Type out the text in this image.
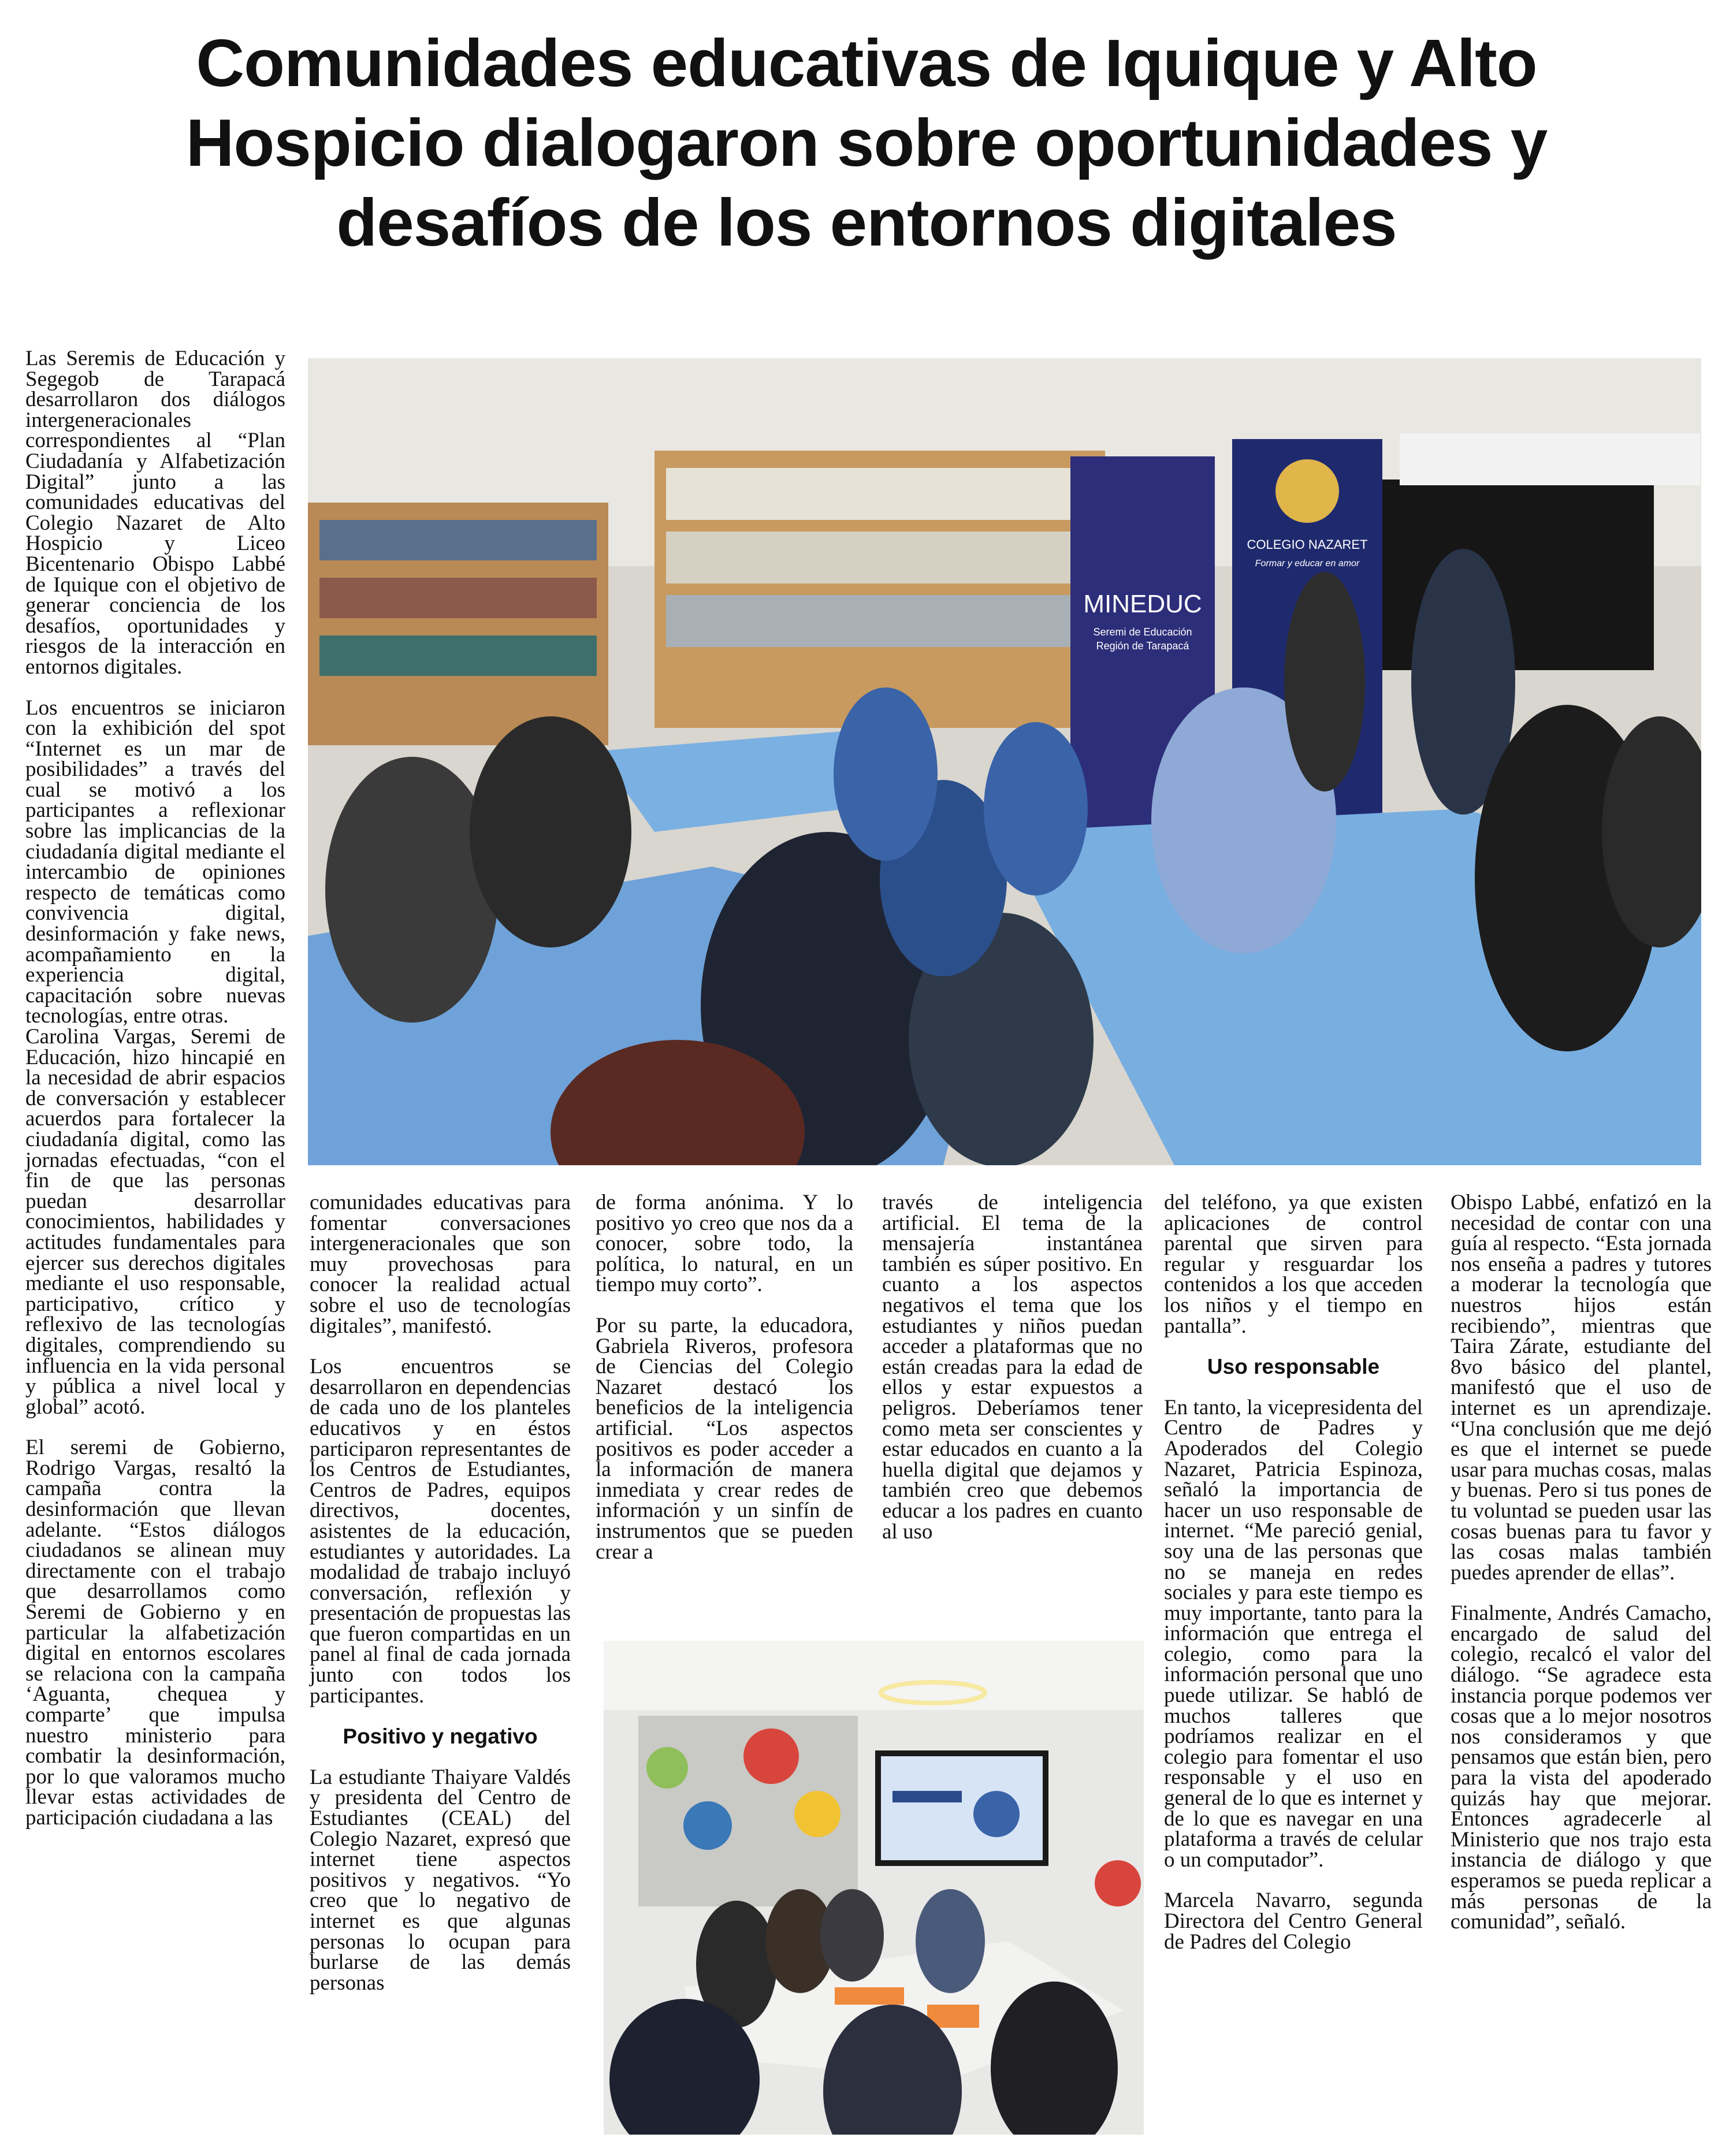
Comunidades educativas de Iquique y Alto Hospicio dialogaron sobre oportunidades y desafíos de los entornos digitales

Las Seremis de Educación y Segegob de Tarapacá desarrollaron dos diálogos intergeneracionales correspondientes al “Plan Ciudadanía y Alfabetización Digital” junto a las comunidades educativas del Colegio Nazaret de Alto Hospicio y Liceo Bicentenario Obispo Labbé de Iquique con el objetivo de generar conciencia de los desafíos, oportunidades y riesgos de la interacción en entornos digitales.

Los encuentros se iniciaron con la exhibición del spot “Internet es un mar de posibilidades” a través del cual se motivó a los participantes a reflexionar sobre las implicancias de la ciudadanía digital mediante el intercambio de opiniones respecto de temáticas como convivencia digital, desinformación y fake news, acompañamiento en la experiencia digital, capacitación sobre nuevas tecnologías, entre otras.

Carolina Vargas, Seremi de Educación, hizo hincapié en la necesidad de abrir espacios de conversación y establecer acuerdos para fortalecer la ciudadanía digital, como las jornadas efectuadas, “con el fin de que las personas puedan desarrollar conocimientos, habilidades y actitudes fundamentales para ejercer sus derechos digitales mediante el uso responsable, participativo, crítico y reflexivo de las tecnologías digitales, comprendiendo su influencia en la vida personal y pública a nivel local y global” acotó.

El seremi de Gobierno, Rodrigo Vargas, resaltó la campaña contra la desinformación que llevan adelante. “Estos diálogos ciudadanos se alinean muy directamente con el trabajo que desarrollamos como Seremi de Gobierno y en particular la alfabetización digital en entornos escolares se relaciona con la campaña ‘Aguanta, chequea y comparte’ que impulsa nuestro ministerio para combatir la desinformación, por lo que valoramos mucho llevar estas actividades de participación ciudadana a las

MINEDUC
Seremi de Educación
Región de Tarapacá
COLEGIO NAZARET
Formar y educar en amor

comunidades educativas para fomentar conversaciones intergeneracionales que son muy provechosas para conocer la realidad actual sobre el uso de tecnologías digitales”, manifestó.

Los encuentros se desarrollaron en dependencias de cada uno de los planteles educativos y en éstos participaron representantes de los Centros de Estudiantes, Centros de Padres, equipos directivos, docentes, asistentes de la educación, estudiantes y autoridades. La modalidad de trabajo incluyó conversación, reflexión y presentación de propuestas las que fueron compartidas en un panel al final de cada jornada junto con todos los participantes.

Positivo y negativo

La estudiante Thaiyare Valdés y presidenta del Centro de Estudiantes (CEAL) del Colegio Nazaret, expresó que internet tiene aspectos positivos y negativos. “Yo creo que lo negativo de internet es que algunas personas lo ocupan para burlarse de las demás personas

de forma anónima. Y lo positivo yo creo que nos da a conocer, sobre todo, la política, lo natural, en un tiempo muy corto”.

Por su parte, la educadora, Gabriela Riveros, profesora de Ciencias del Colegio Nazaret destacó los beneficios de la inteligencia artificial. “Los aspectos positivos es poder acceder a la información de manera inmediata y crear redes de información y un sinfín de instrumentos que se pueden crear a

través de inteligencia artificial. El tema de la mensajería instantánea también es súper positivo. En cuanto a los aspectos negativos el tema que los estudiantes y niños puedan acceder a plataformas que no están creadas para la edad de ellos y estar expuestos a peligros. Deberíamos tener como meta ser conscientes y estar educados en cuanto a la huella digital que dejamos y también creo que debemos educar a los padres en cuanto al uso

del teléfono, ya que existen aplicaciones de control parental que sirven para regular y resguardar los contenidos a los que acceden los niños y el tiempo en pantalla”.

Uso responsable

En tanto, la vicepresidenta del Centro de Padres y Apoderados del Colegio Nazaret, Patricia Espinoza, señaló la importancia de hacer un uso responsable de internet. “Me pareció genial, soy una de las personas que no se maneja en redes sociales y para este tiempo es muy importante, tanto para la información que entrega el colegio, como para la información personal que uno puede utilizar. Se habló de muchos talleres que podríamos realizar en el colegio para fomentar el uso responsable y el uso en general de lo que es internet y de lo que es navegar en una plataforma a través de celular o un computador”.

Marcela Navarro, segunda Directora del Centro General de Padres del Colegio

Obispo Labbé, enfatizó en la necesidad de contar con una guía al respecto. “Esta jornada nos enseña a padres y tutores a moderar la tecnología que nuestros hijos están recibiendo”, mientras que Taira Zárate, estudiante del 8vo básico del plantel, manifestó que el uso de internet es un aprendizaje. “Una conclusión que me dejó es que el internet se puede usar para muchas cosas, malas y buenas. Pero si tus pones de tu voluntad se pueden usar las cosas buenas para tu favor y las cosas malas también puedes aprender de ellas”.

Finalmente, Andrés Camacho, encargado de salud del colegio, recalcó el valor del diálogo. “Se agradece esta instancia porque podemos ver cosas que a lo mejor nosotros nos consideramos y que pensamos que están bien, pero para la vista del apoderado quizás hay que mejorar. Entonces agradecerle al Ministerio que nos trajo esta instancia de diálogo y que esperamos se pueda replicar a más personas de la comunidad”, señaló.
